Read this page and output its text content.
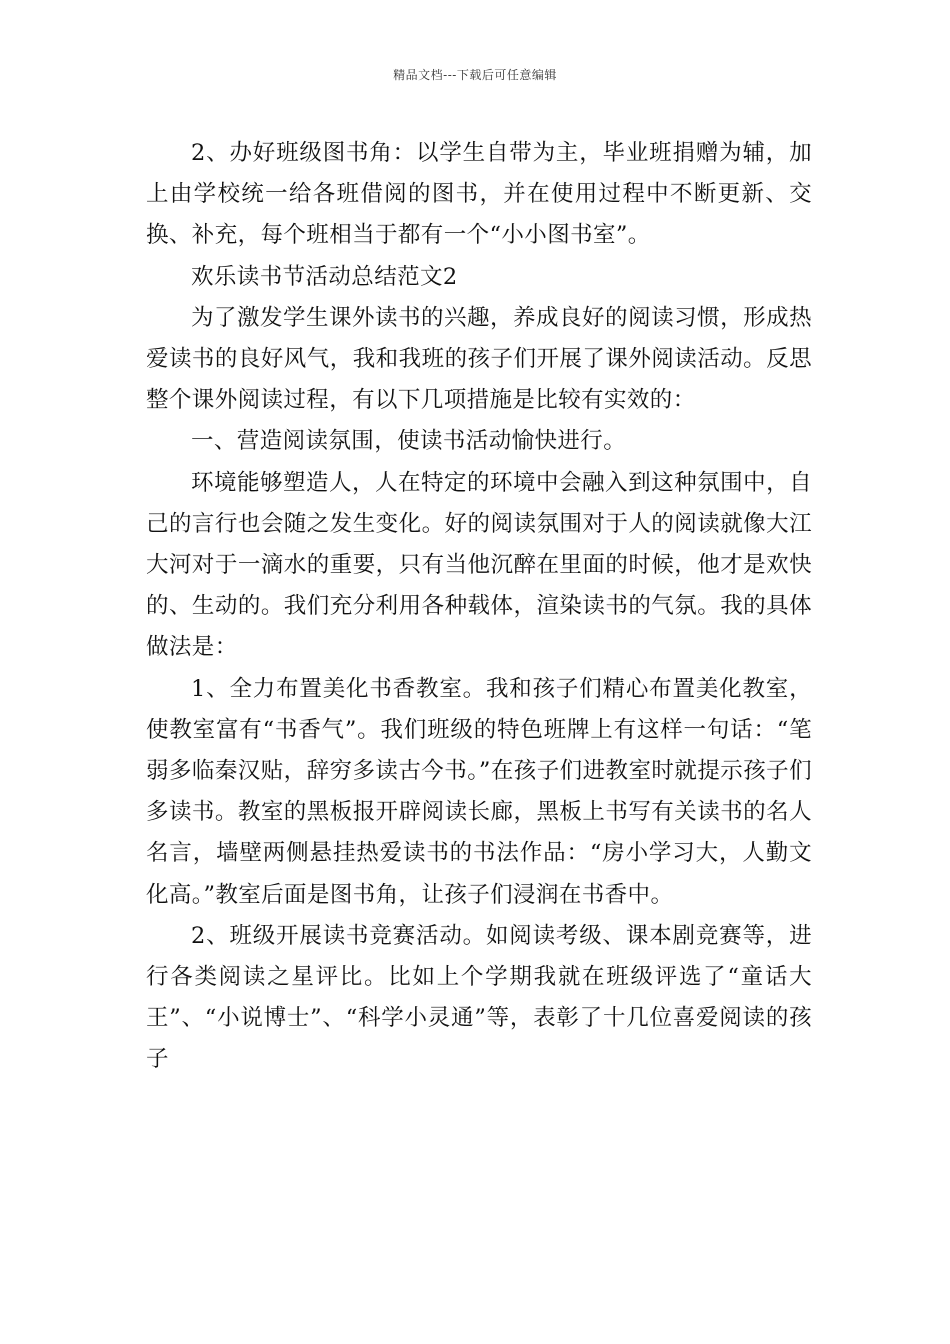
精品文档---下载后可任意编辑

2、办好班级图书角：以学生自带为主，毕业班捐赠为辅，加上由学校统一给各班借阅的图书，并在使用过程中不断更新、交换、补充，每个班相当于都有一个“小小图书室”。

欢乐读书节活动总结范文2

为了激发学生课外读书的兴趣，养成良好的阅读习惯，形成热爱读书的良好风气，我和我班的孩子们开展了课外阅读活动。反思整个课外阅读过程，有以下几项措施是比较有实效的：

一、营造阅读氛围，使读书活动愉快进行。

环境能够塑造人，人在特定的环境中会融入到这种氛围中，自己的言行也会随之发生变化。好的阅读氛围对于人的阅读就像大江大河对于一滴水的重要，只有当他沉醉在里面的时候，他才是欢快的、生动的。我们充分利用各种载体，渲染读书的气氛。我的具体做法是：

1、全力布置美化书香教室。我和孩子们精心布置美化教室，使教室富有“书香气”。我们班级的特色班牌上有这样一句话：“笔弱多临秦汉贴，辞穷多读古今书。”在孩子们进教室时就提示孩子们多读书。教室的黑板报开辟阅读长廊，黑板上书写有关读书的名人名言，墙壁两侧悬挂热爱读书的书法作品：“房小学习大，人勤文化高。”教室后面是图书角，让孩子们浸润在书香中。

2、班级开展读书竞赛活动。如阅读考级、课本剧竞赛等，进行各类阅读之星评比。比如上个学期我就在班级评选了“童话大王”、“小说博士”、“科学小灵通”等，表彰了十几位喜爱阅读的孩子
